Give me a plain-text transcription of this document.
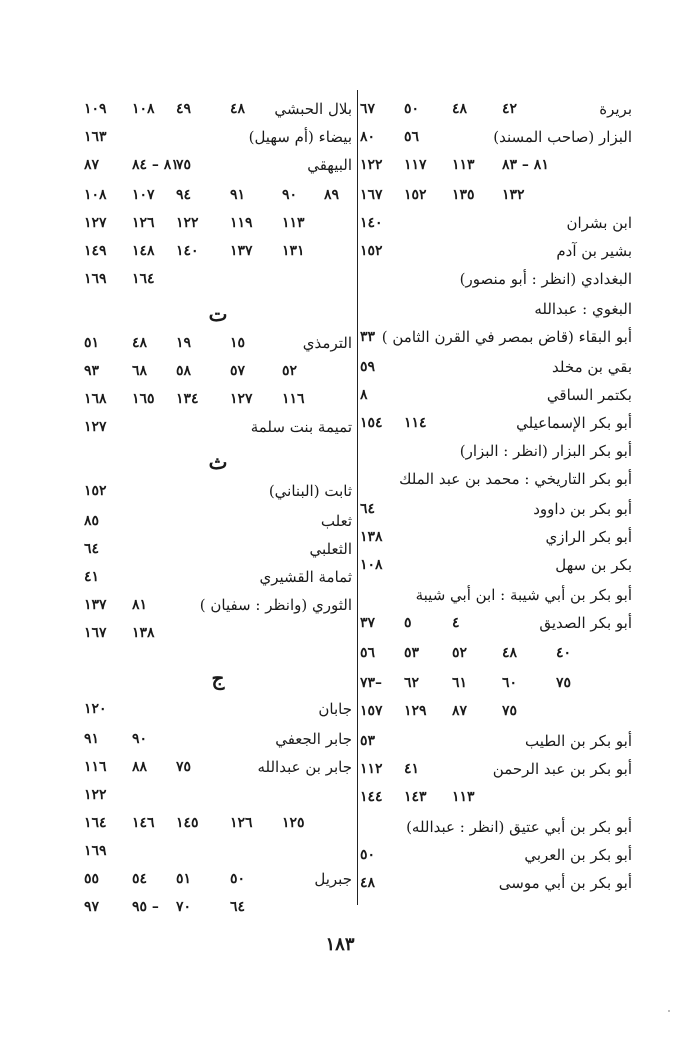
بريرة
٤٢
٤٨
٥٠
٦٧
البزار (صاحب المسند)
٥٦
٨٠
٨١ – ٨٣
١١٣
١١٧
١٢٢
١٣٢
١٣٥
١٥٢
١٦٧
ابن بشران
١٤٠
بشير بن آدم
١٥٢
البغدادي (انظر : أبو منصور)
البغوي : عبدالله
أبو البقاء (قاض بمصر في القرن الثامن )
٣٣
بقي بن مخلد
٥٩
بكتمر الساقي
٨
أبو بكر الإسماعيلي
١١٤
١٥٤
أبو بكر البزار (انظر : البزار)
أبو بكر التاريخي : محمد بن عبد الملك
أبو بكر بن داوود
٦٤
أبو بكر الرازي
١٣٨
بكر بن سهل
١٠٨
أبو بكر بن أبي شيبة : ابن أبي شيبة
أبو بكر الصديق
٤
٥
٣٧
٤٠
٤٨
٥٢
٥٣
٥٦
٧٥
٦٠
٦١
٦٢
٧٣–
٧٥
٨٧
١٢٩
١٥٧
أبو بكر بن الطيب
٥٣
أبو بكر بن عبد الرحمن
٤١
١١٢
١١٣
١٤٣
١٤٤
أبو بكر بن أبي عتيق (انظر : عبدالله)
أبو بكر بن العربي
٥٠
أبو بكر بن أبي موسى
٤٨
بلال الحبشي
٤٨
٤٩
١٠٨
١٠٩
بيضاء (أم سهيل)
١٦٣
البيهقي
٧٥
٨١ – ٨٤
٨٧
٨٩
٩٠
٩١
٩٤
١٠٧
١٠٨
١١٣
١١٩
١٢٢
١٢٦
١٢٧
١٣١
١٣٧
١٤٠
١٤٨
١٤٩
١٦٤
١٦٩
ت
الترمذي
١٥
١٩
٤٨
٥١
٥٢
٥٧
٥٨
٦٨
٩٣
١١٦
١٢٧
١٣٤
١٦٥
١٦٨
تميمة بنت سلمة
١٢٧
ث
ثابت (البناني)
١٥٢
ثعلب
٨٥
الثعلبي
٦٤
ثمامة القشيري
٤١
الثوري (وانظر : سفيان )
٨١
١٣٧
١٣٨
١٦٧
ج
جابان
١٢٠
جابر الجعفي
٩٠
٩١
جابر بن عبدالله
٧٥
٨٨
١١٦
١٢٢
١٢٥
١٢٦
١٤٥
١٤٦
١٦٤
١٦٩
جبريل
٥٠
٥١
٥٤
٥٥
٦٤
٧٠
٩٥ –
٩٧
١٨٣
